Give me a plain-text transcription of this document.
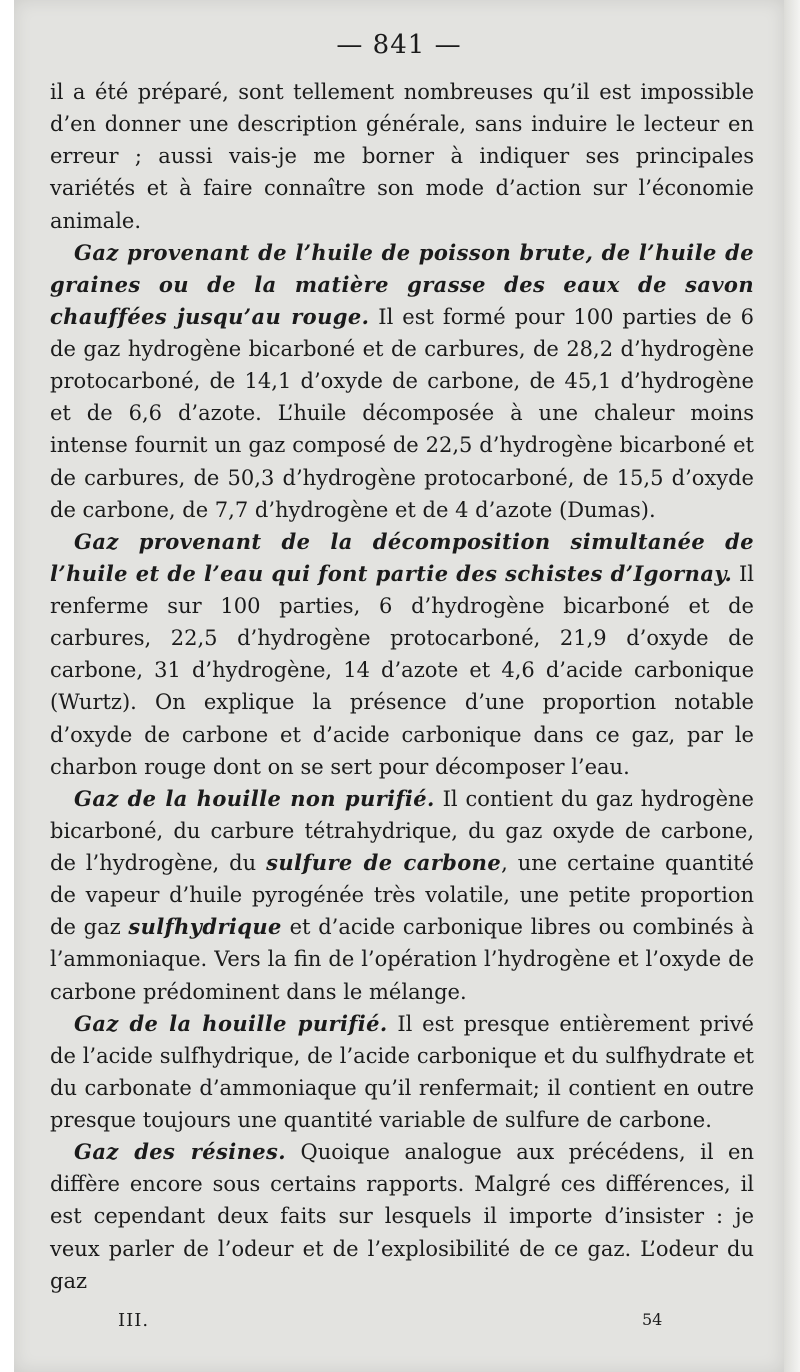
— 841 —

il a été préparé, sont tellement nombreuses qu’il est impossible d’en donner une description générale, sans induire le lecteur en erreur ; aussi vais-je me borner à indiquer ses principales variétés et à faire connaître son mode d’action sur l’économie animale.

Gaz provenant de l’huile de poisson brute, de l’huile de graines ou de la matière grasse des eaux de savon chauffées jusqu’au rouge. Il est formé pour 100 parties de 6 de gaz hydrogène bicarboné et de carbures, de 28,2 d’hydrogène protocarboné, de 14,1 d’oxyde de carbone, de 45,1 d’hydrogène et de 6,6 d’azote. L’huile décomposée à une chaleur moins intense fournit un gaz composé de 22,5 d’hydrogène bicarboné et de carbures, de 50,3 d’hydrogène protocarboné, de 15,5 d’oxyde de carbone, de 7,7 d’hydrogène et de 4 d’azote (Dumas).

Gaz provenant de la décomposition simultanée de l’huile et de l’eau qui font partie des schistes d’Igornay. Il renferme sur 100 parties, 6 d’hydrogène bicarboné et de carbures, 22,5 d’hydrogène protocarboné, 21,9 d’oxyde de carbone, 31 d’hydrogène, 14 d’azote et 4,6 d’acide carbonique (Wurtz). On explique la présence d’une proportion notable d’oxyde de carbone et d’acide carbonique dans ce gaz, par le charbon rouge dont on se sert pour décomposer l’eau.

Gaz de la houille non purifié. Il contient du gaz hydrogène bicarboné, du carbure tétrahydrique, du gaz oxyde de carbone, de l’hydrogène, du sulfure de carbone, une certaine quantité de vapeur d’huile pyrogénée très volatile, une petite proportion de gaz sulfhydrique et d’acide carbonique libres ou combinés à l’ammoniaque. Vers la fin de l’opération l’hydrogène et l’oxyde de carbone prédominent dans le mélange.

Gaz de la houille purifié. Il est presque entièrement privé de l’acide sulfhydrique, de l’acide carbonique et du sulfhydrate et du carbonate d’ammoniaque qu’il renfermait; il contient en outre presque toujours une quantité variable de sulfure de carbone.

Gaz des résines. Quoique analogue aux précédens, il en diffère encore sous certains rapports. Malgré ces différences, il est cependant deux faits sur lesquels il importe d’insister : je veux parler de l’odeur et de l’explosibilité de ce gaz. L’odeur du gaz

III.	54
